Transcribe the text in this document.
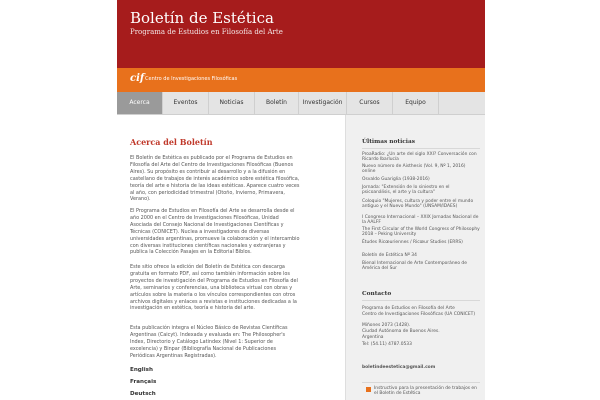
Boletín de Estética
Programa de Estudios en Filosofía del Arte
cif Centro de Investigaciones Filosóficas
Acerca	Eventos	Noticias	Boletín	Investigación	Cursos	Equipo
Acerca del Boletín
El Boletín de Estética es publicado por el Programa de Estudios en Filosofía del Arte del Centro de Investigaciones Filosóficas (Buenos Aires). Su propósito es contribuir al desarrollo y a la difusión en castellano de trabajos de interés académico sobre estética filosófica, teoría del arte e historia de las ideas estéticas. Aparece cuatro veces al año, con periodicidad trimestral (Otoño, Invierno, Primavera, Verano).
El Programa de Estudios en Filosofía del Arte se desarrolla desde el año 2000 en el Centro de Investigaciones Filosóficas, Unidad Asociada del Consejo Nacional de Investigaciones Científicas y Técnicas (CONICET). Nuclea a investigadores de diversas universidades argentinas, promueve la colaboración y el intercambio con diversas instituciones científicas nacionales y extranjeras y publica la Colección Pasajes en la Editorial Biblos.
Este sitio ofrece la edición del Boletín de Estética con descarga gratuita en formato PDF, así como también información sobre los proyectos de investigación del Programa de Estudios en Filosofía del Arte, seminarios y conferencias, una biblioteca virtual con obras y artículos sobre la materia o los vínculos correspondientes con otros archivos digitales y enlaces a revistas e instituciones dedicadas a la investigación en estética, teoría e historia del arte.
Esta publicación integra el Núcleo Básico de Revistas Científicas Argentinas (Caicyt). Indexada y evaluada en: The Philosopher's Index, Directorio y Catálogo Latindex (Nivel 1: Superior de excelencia) y Binpar (Bibliografía Nacional de Publicaciones Periódicas Argentinas Registradas).
English
Français
Deutsch
Últimas noticias
ProaRadio: ¿Un arte del siglo XXI? Conversación con Ricardo Ibarlucía
Nuevo número de Aisthesis (Vol. 9, Nº 1, 2016) online
Osvaldo Guariglia (1938-2016)
Jornada: "Extensión de lo siniestro en el psicoanálisis, el arte y la cultura"
Coloquio "Mujeres, cultura y poder entre el mundo antiguo y el Nuevo Mundo" (UNSAM/IDAES)
I Congreso Internacional – XXIX Jornadas Nacional de la AALFF
The First Circular of the World Congress of Philosophy 2018 – Peking University
Études Ricœuriennes / Ricœur Studies (ERRS)
Boletín de Estética Nº 34
Bienal Internacional de Arte Contemporáneo de América del Sur
Contacto
Programa de Estudios en Filosofía del Arte
Centro de Investigaciones Filosóficas (UA CONICET)
Miñones 2073 (1428).
Ciudad Autónoma de Buenos Aires.
Argentina
Tel: (54.11) 4787.0533
boletindeestetica@gmail.com
Instructivo para la presentación de trabajos en el Boletín de Estética
